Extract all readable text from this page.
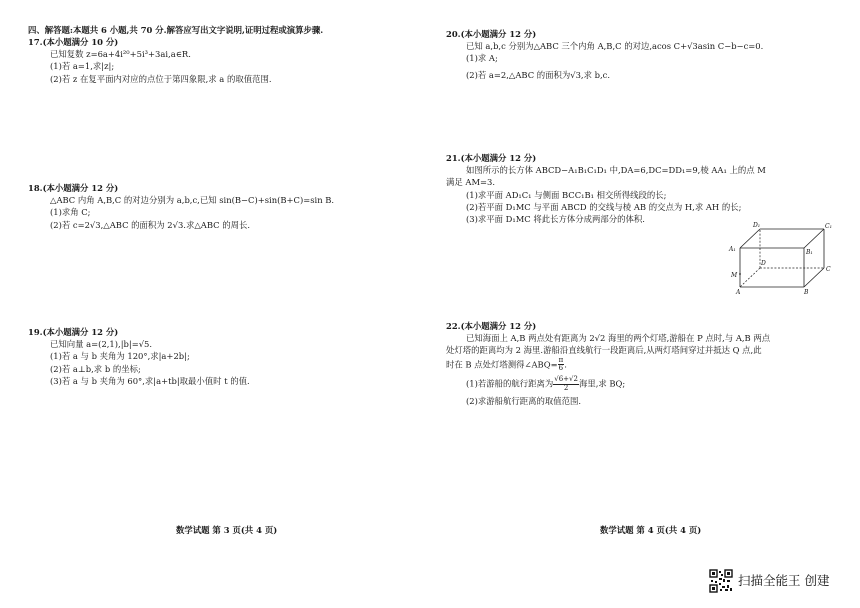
四、解答题:本题共 6 小题,共 70 分.解答应写出文字说明,证明过程或演算步骤.
17.(本小题满分 10 分)
已知复数 z=6a+4i²⁰+5i³+3ai,a∈R.
(1)若 a=1,求|z|;
(2)若 z 在复平面内对应的点位于第四象限,求 a 的取值范围.
18.(本小题满分 12 分)
△ABC 内角 A,B,C 的对边分别为 a,b,c,已知 sin(B−C)+sin(B+C)=sin B.
(1)求角 C;
(2)若 c=2√3,△ABC 的面积为 2√3.求△ABC 的周长.
19.(本小题满分 12 分)
已知向量 a=(2,1),|b|=√5.
(1)若 a 与 b 夹角为 120°,求|a+2b|;
(2)若 a⊥b,求 b 的坐标;
(3)若 a 与 b 夹角为 60°,求|a+tb|取最小值时 t 的值.
数学试题 第 3 页(共 4 页)
20.(本小题满分 12 分)
已知 a,b,c 分别为△ABC 三个内角 A,B,C 的对边,acos C+√3asin C−b−c=0.
(1)求 A;
(2)若 a=2,△ABC 的面积为√3,求 b,c.
21.(本小题满分 12 分)
如图所示的长方体 ABCD−A₁B₁C₁D₁ 中,DA=6,DC=DD₁=9,棱 AA₁ 上的点 M
满足 AM=3.
(1)求平面 AD₁C₁ 与侧面 BCC₁B₁ 相交所得线段的长;
(2)若平面 D₁MC 与平面 ABCD 的交线与棱 AB 的交点为 H,求 AH 的长;
(3)求平面 D₁MC 将此长方体分成两部分的体积.
D₁	C₁
A₁	B₁
D
C
M
A	B
22.(本小题满分 12 分)
已知海面上 A,B 两点处有距离为 2√2 海里的两个灯塔,游船在 P 点时,与 A,B 两点
处灯塔的距离均为 2 海里.游船沿直线航行一段距离后,从两灯塔间穿过并抵达 Q 点,此
时在 B 点处灯塔测得∠ABQ= $\frac{\pi}{6}$ .
(1)若游船的航行距离为 $\frac{√6+√2}{2}$ 海里,求 BQ;
(2)求游船航行距离的取值范围.
数学试题 第 4 页(共 4 页)
扫描全能王 创建
